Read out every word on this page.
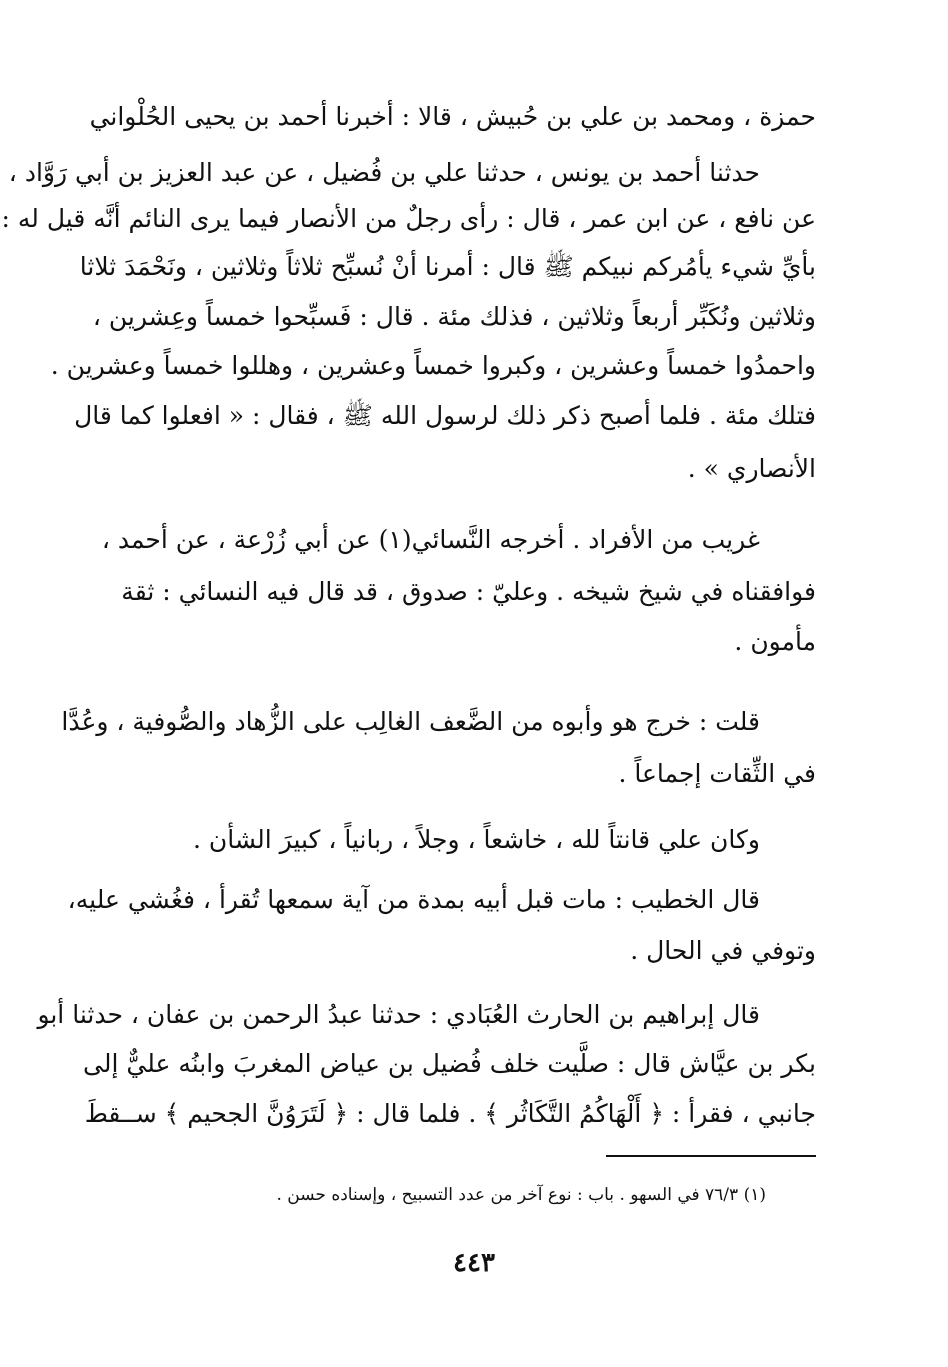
حمزة ، ومحمد بن علي بن حُبيش ، قالا : أخبرنا أحمد بن يحيى الحُلْواني
حدثنا أحمد بن يونس ، حدثنا علي بن فُضيل ، عن عبد العزيز بن أبي رَوَّاد ،
عن نافع ، عن ابن عمر ، قال : رأى رجلٌ من الأنصار فيما يرى النائم أنَّه قيل له :
بأيِّ شيء يأمُركم نبيكم ﷺ قال : أمرنا أنْ نُسبِّح ثلاثاً وثلاثين ، ونَحْمَدَ ثلاثا
وثلاثين ونُكَبِّر أربعاً وثلاثين ، فذلك مئة . قال : فَسبِّحوا خمساً وعِشرين ،
واحمدُوا خمساً وعشرين ، وكبروا خمساً وعشرين ، وهللوا خمساً وعشرين .
فتلك مئة . فلما أصبح ذكر ذلك لرسول الله ﷺ ، فقال : « افعلوا كما قال
الأنصاري » .
غريب من الأفراد . أخرجه النَّسائي(١) عن أبي زُرْعة ، عن أحمد ،
فوافقناه في شيخ شيخه . وعليّ : صدوق ، قد قال فيه النسائي : ثقة
مأمون .
قلت : خرج هو وأبوه من الضَّعف الغالِب على الزُّهاد والصُّوفية ، وعُدَّا
في الثِّقات إجماعاً .
وكان علي قانتاً لله ، خاشعاً ، وجلاً ، ربانياً ، كبيرَ الشأن .
قال الخطيب : مات قبل أبيه بمدة من آية سمعها تُقرأ ، فغُشي عليه،
وتوفي في الحال .
قال إبراهيم بن الحارث العُبَادي : حدثنا عبدُ الرحمن بن عفان ، حدثنا أبو
بكر بن عيَّاش قال : صلَّيت خلف فُضيل بن عياض المغربَ وابنُه عليٌّ إلى
جانبي ، فقرأ : ﴿ أَلْهَاكُمُ التَّكَاثُر ﴾ . فلما قال : ﴿ لَتَرَوُنَّ الجحيم ﴾ ســقطَ
(١) ٧٦/٣ في السهو . باب : نوع آخر من عدد التسبيح ، وإسناده حسن .
٤٤٣
